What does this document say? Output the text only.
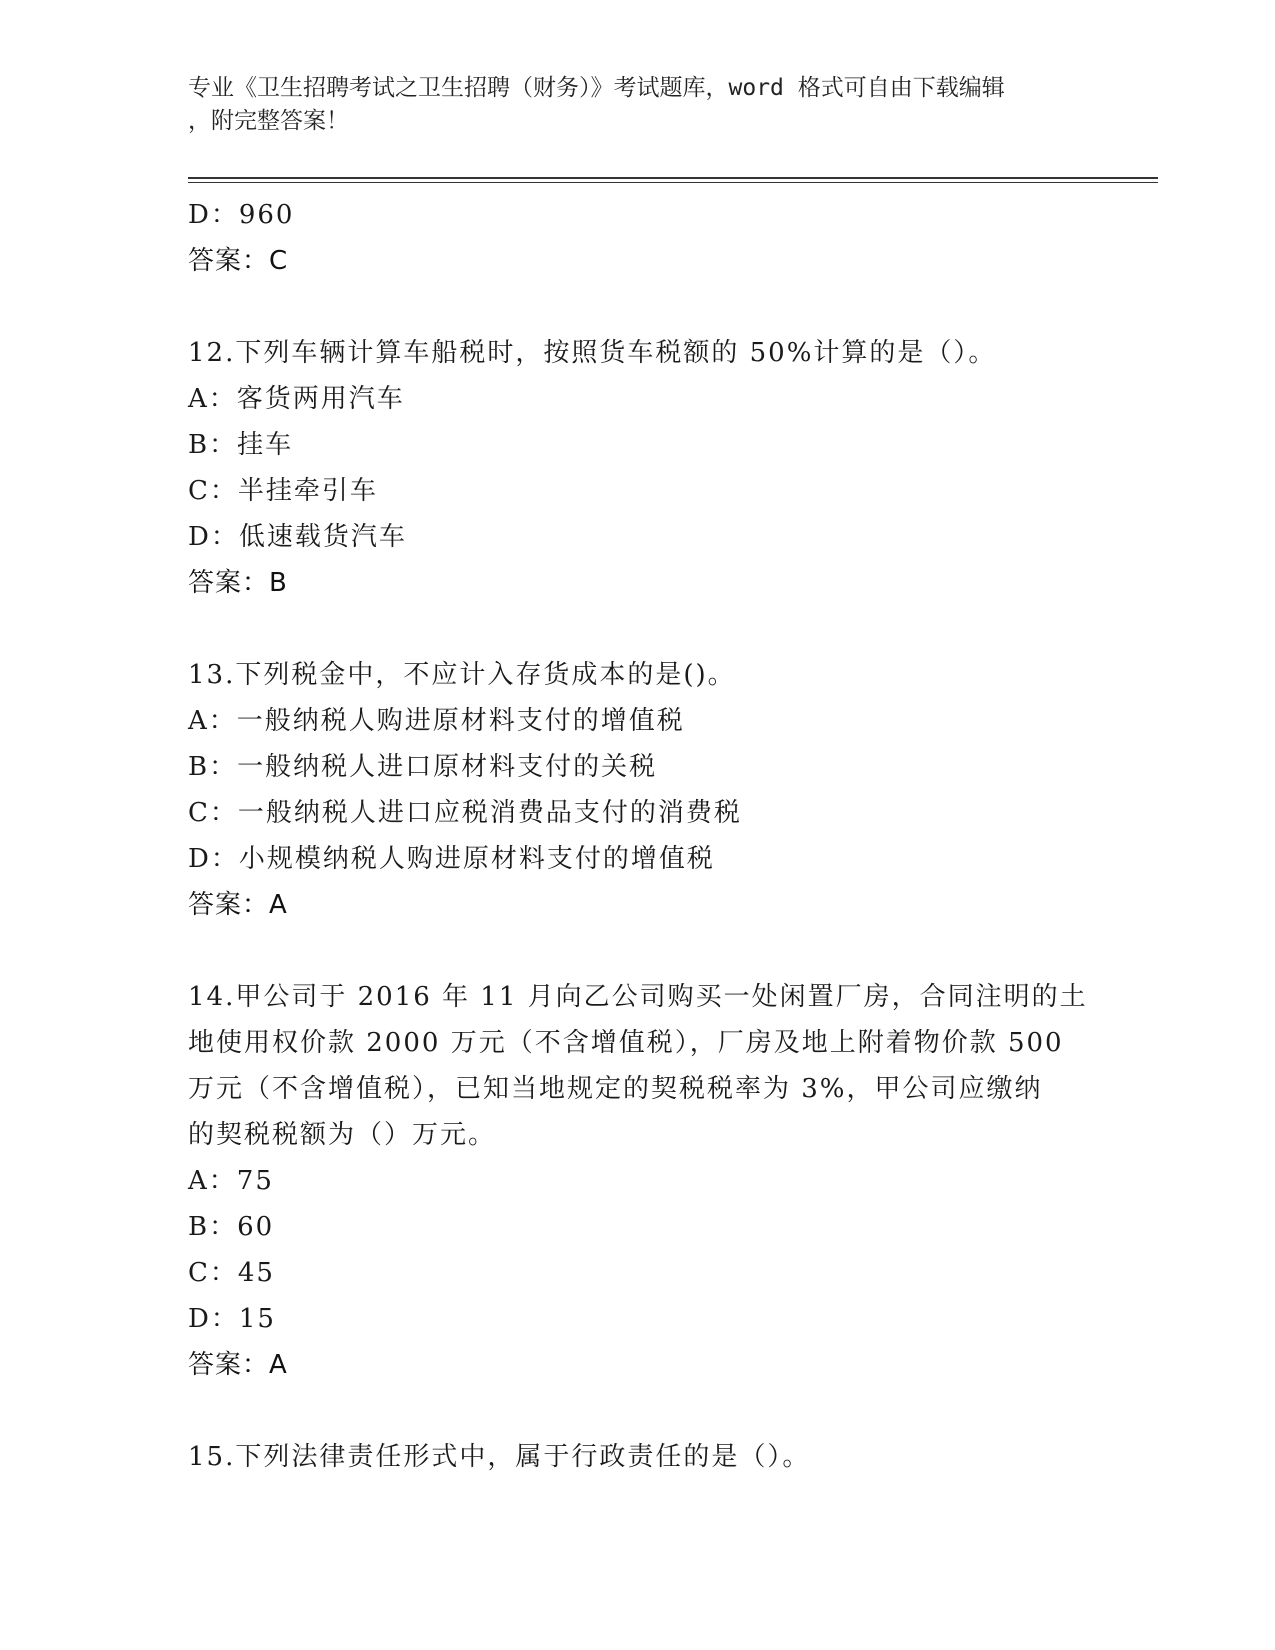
专业《卫生招聘考试之卫生招聘（财务）》考试题库，word 格式可自由下载编辑
，附完整答案！
D：960
答案：C
12.下列车辆计算车船税时，按照货车税额的 50%计算的是（）。
A：客货两用汽车
B：挂车
C：半挂牵引车
D：低速载货汽车
答案：B
13.下列税金中，不应计入存货成本的是()。
A：一般纳税人购进原材料支付的增值税
B：一般纳税人进口原材料支付的关税
C：一般纳税人进口应税消费品支付的消费税
D：小规模纳税人购进原材料支付的增值税
答案：A
14.甲公司于 2016 年 11 月向乙公司购买一处闲置厂房，合同注明的土
地使用权价款 2000 万元（不含增值税），厂房及地上附着物价款 500
万元（不含增值税），已知当地规定的契税税率为 3%，甲公司应缴纳
的契税税额为（）万元。
A：75
B：60
C：45
D：15
答案：A
15.下列法律责任形式中，属于行政责任的是（）。
